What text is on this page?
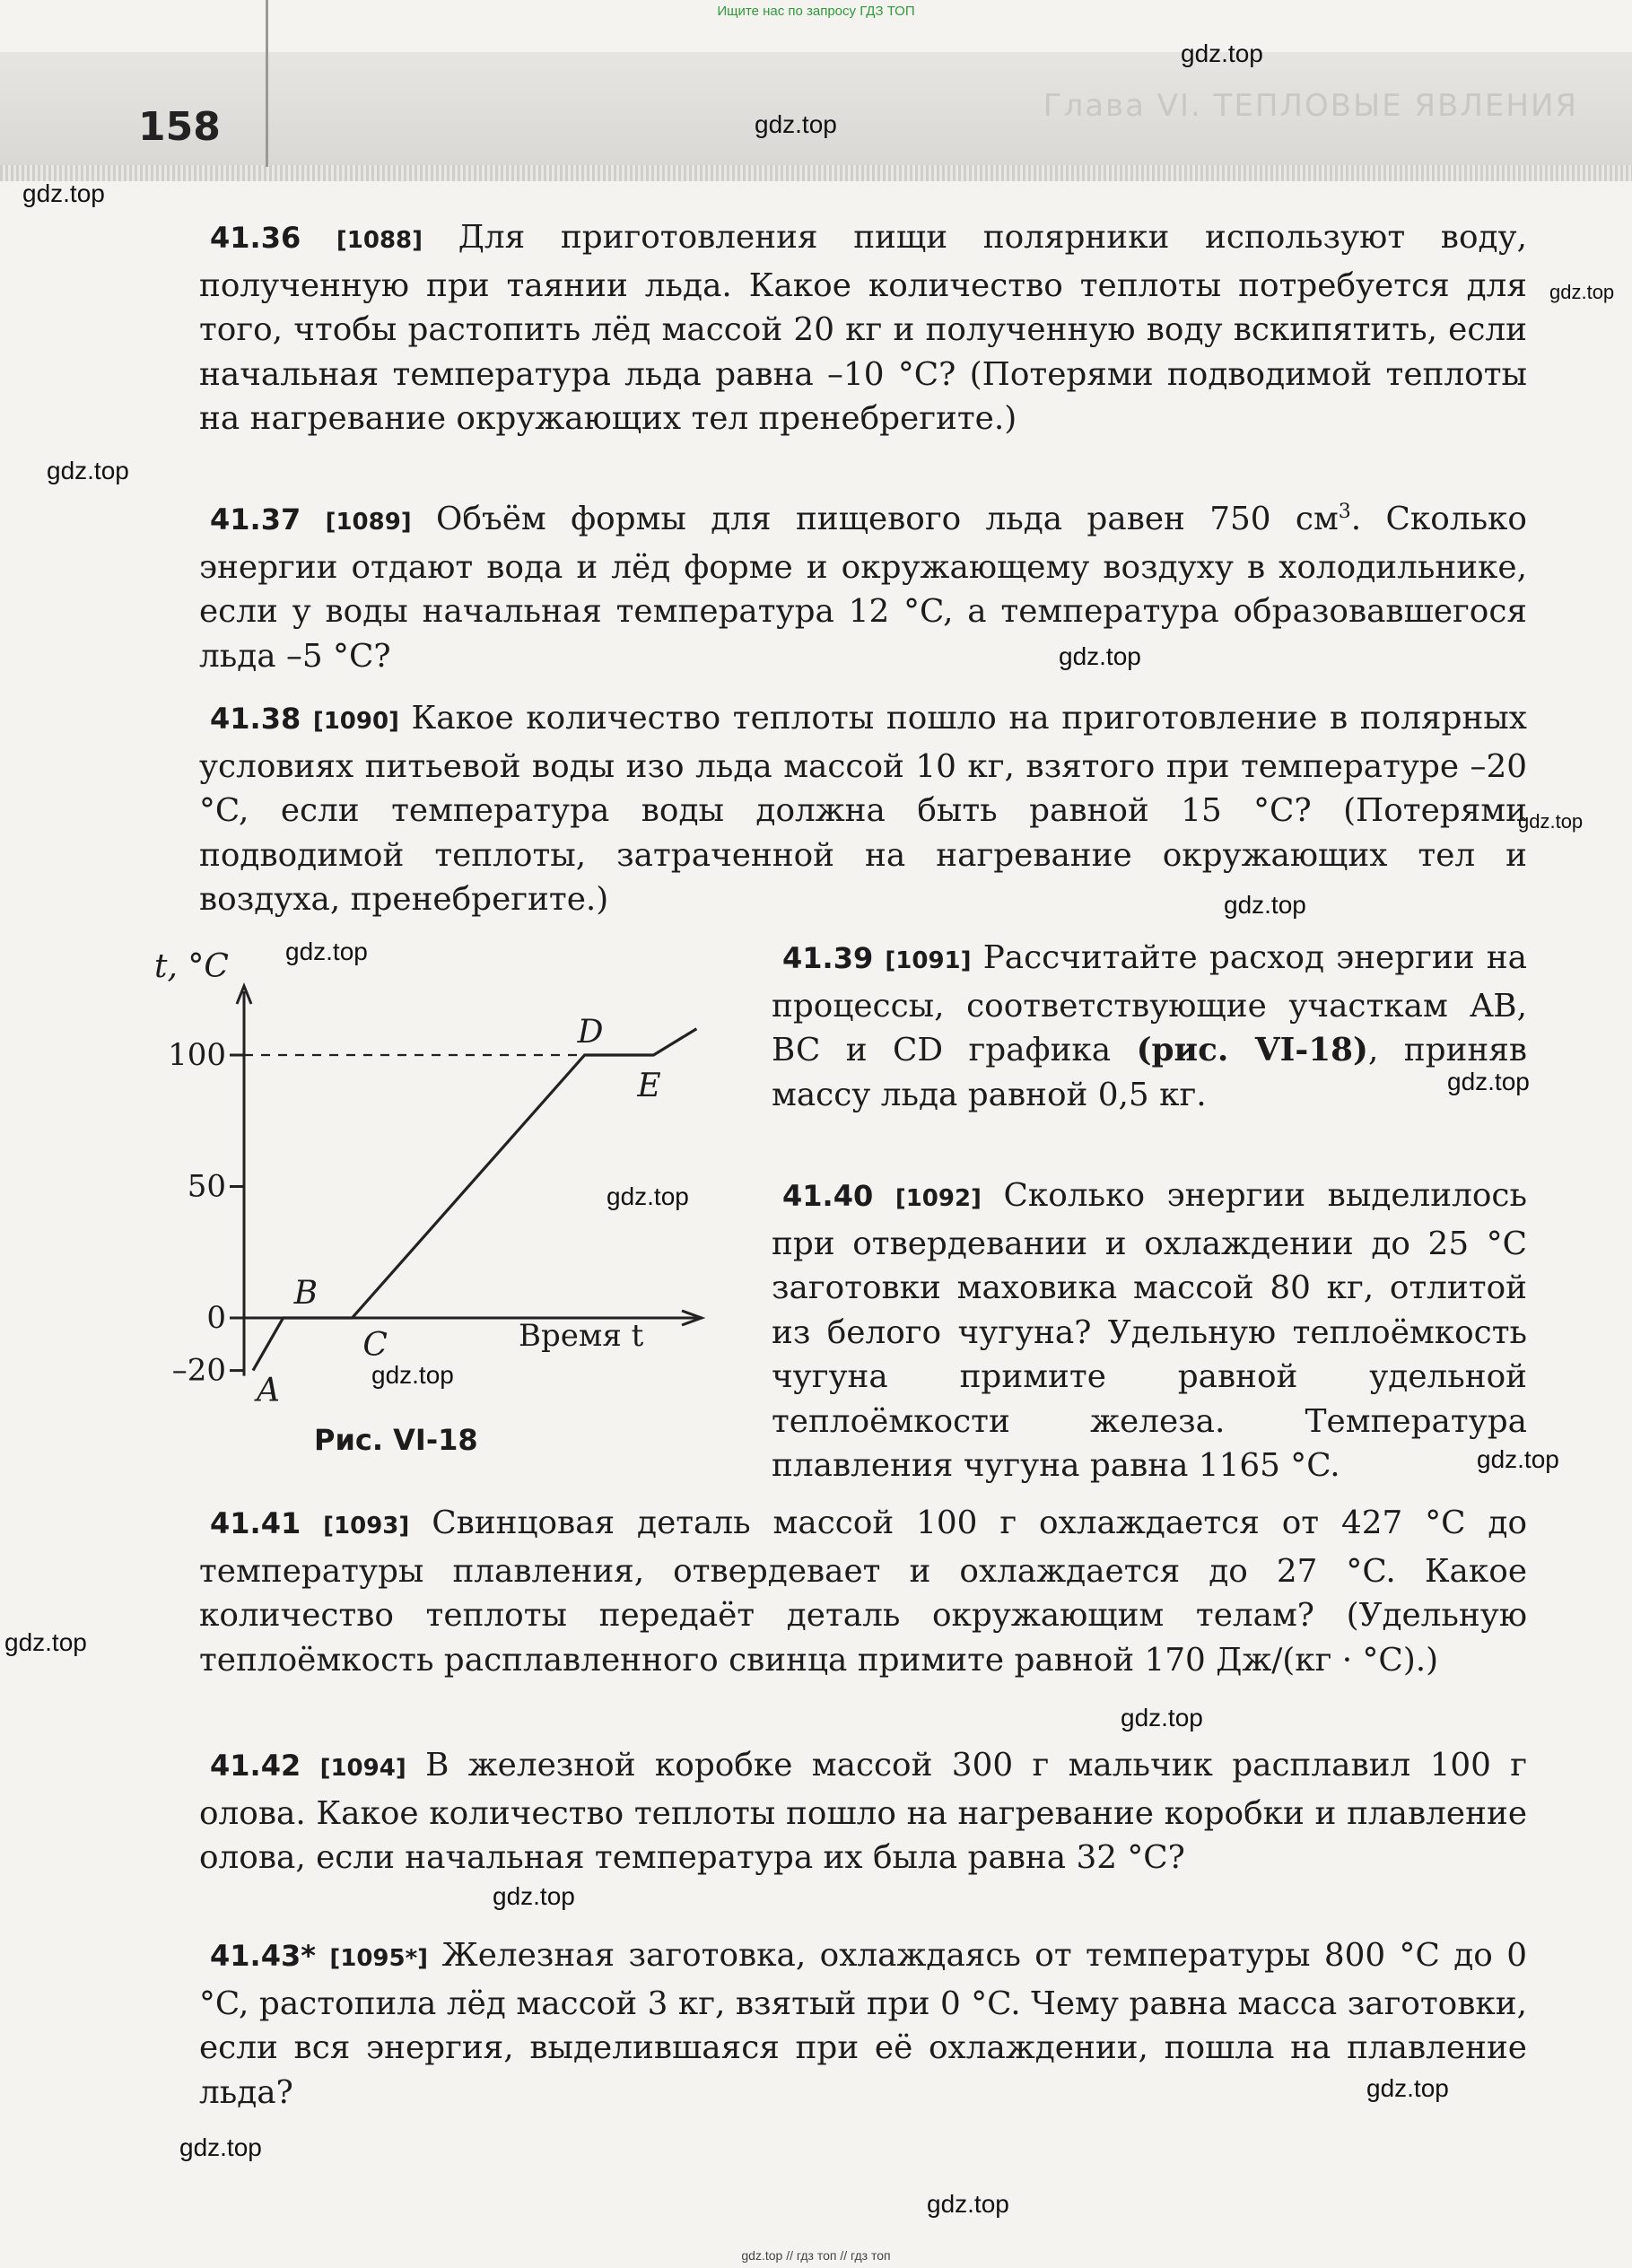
Ищите нас по запросу ГДЗ ТОП
158	Глава VI. ТЕПЛОВЫЕ ЯВЛЕНИЯ
gdz.top
gdz.top
gdz.top
gdz.top
gdz.top
gdz.top
gdz.top
gdz.top
gdz.top
gdz.top
gdz.top
gdz.top
gdz.top
gdz.top
gdz.top
gdz.top
gdz.top
gdz.top
gdz.top
41.36 [1088] Для приготовления пищи полярники используют воду, полученную при таянии льда. Какое количество теплоты потребуется для того, чтобы растопить лёд массой 20 кг и полученную воду вскипятить, если начальная температура льда равна –10 °C? (Потерями подводимой теплоты на нагревание окружающих тел пренебрегите.)
41.37 [1089] Объём формы для пищевого льда равен 750 $см^3$. Сколько энергии отдают вода и лёд форме и окружающему воздуху в холодильнике, если у воды начальная температура 12 °C, а температура образовавшегося льда –5 °C?
41.38 [1090] Какое количество теплоты пошло на приготовление в полярных условиях питьевой воды изо льда массой 10 кг, взятого при температуре –20 °C, если температура воды должна быть равной 15 °C? (Потерями подводимой теплоты, затраченной на нагревание окружающих тел и воздуха, пренебрегите.)
41.39 [1091] Рассчитайте расход энергии на процессы, соответствующие участкам AB, BC и CD графика (рис. VI-18), приняв массу льда равной 0,5 кг.
41.40 [1092] Сколько энергии выделилось при отвердевании и охлаждении до 25 °C заготовки маховика массой 80 кг, отлитой из белого чугуна? Удельную теплоёмкость чугуна примите равной удельной теплоёмкости железа. Температура плавления чугуна равна 1165 °C.
–20
0
50
100
A
B
C
D
E
t, °C
Время t
Рис. VI-18
41.41 [1093] Свинцовая деталь массой 100 г охлаждается от 427 °C до температуры плавления, отвердевает и охлаждается до 27 °C. Какое количество теплоты передаёт деталь окружающим телам? (Удельную теплоёмкость расплавленного свинца примите равной 170 Дж/(кг · °C).)
41.42 [1094] В железной коробке массой 300 г мальчик расплавил 100 г олова. Какое количество теплоты пошло на нагревание коробки и плавление олова, если начальная температура их была равна 32 °C?
41.43* [1095*] Железная заготовка, охлаждаясь от температуры 800 °C до 0 °C, растопила лёд массой 3 кг, взятый при 0 °C. Чему равна масса заготовки, если вся энергия, выделившаяся при её охлаждении, пошла на плавление льда?
gdz.top // гдз топ // гдз топ
